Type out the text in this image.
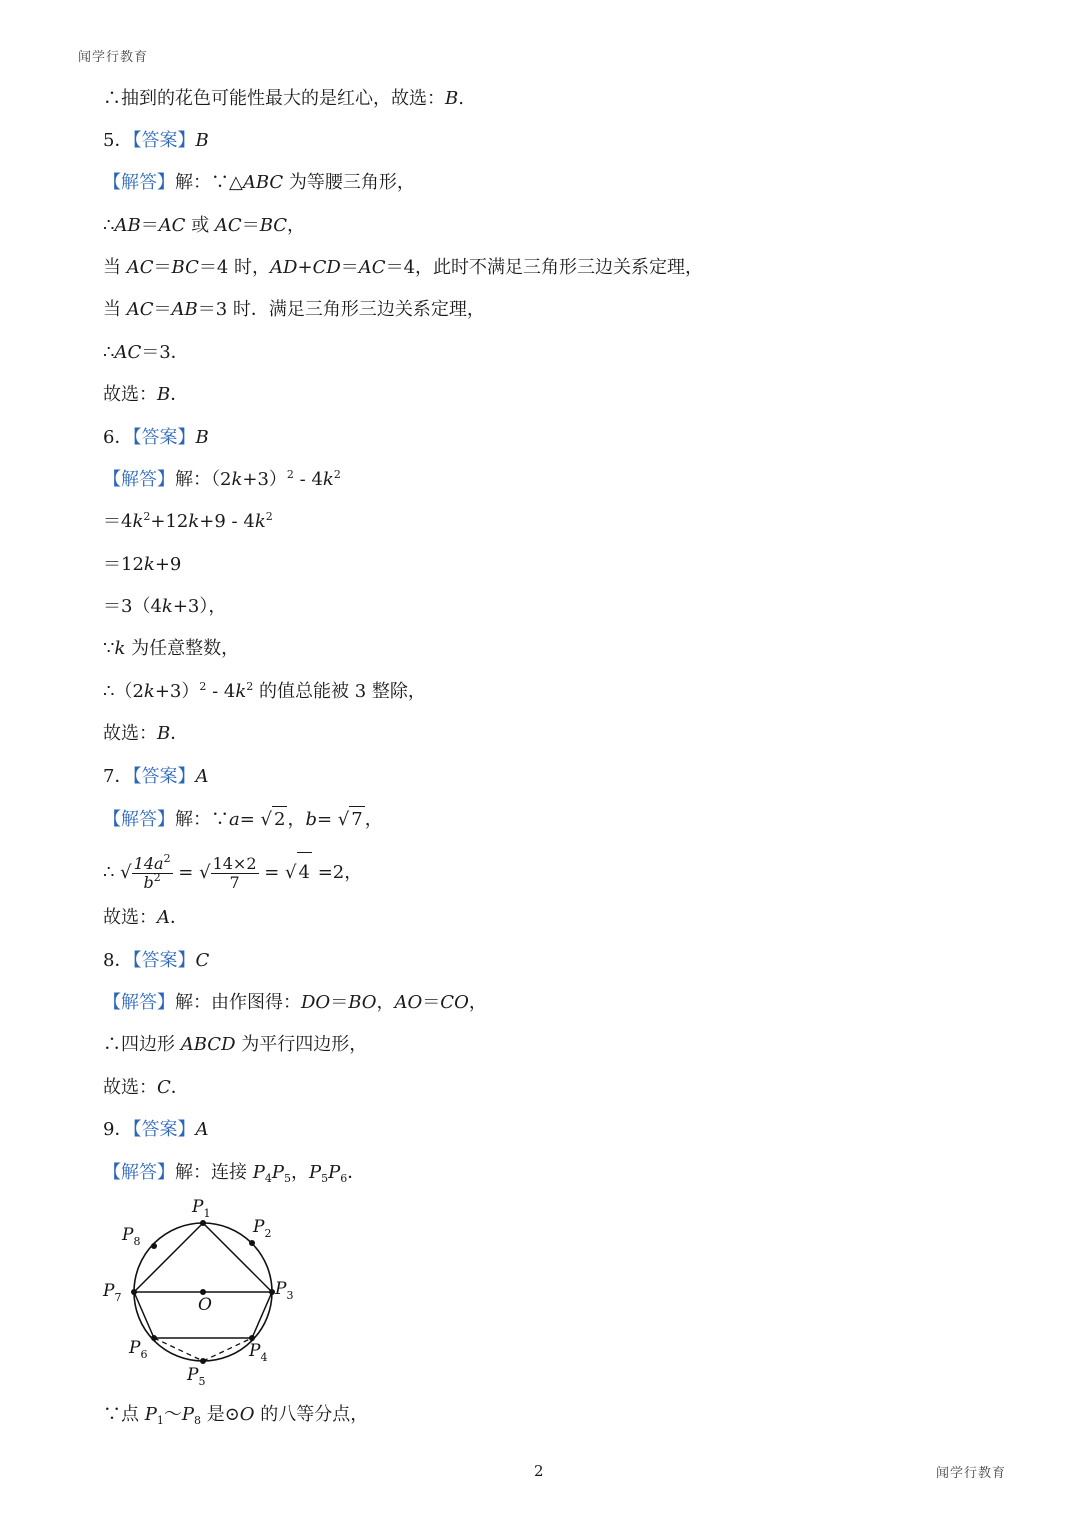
闻学行教育
∴抽到的花色可能性最大的是红心，故选：B.
5．【答案】B
【解答】解：∵△ABC 为等腰三角形，
∴AB＝AC 或 AC＝BC，
当 AC＝BC＝4 时，AD+CD＝AC＝4，此时不满足三角形三边关系定理，
当 AC＝AB＝3 时．满足三角形三边关系定理，
∴AC＝3．
故选：B．
6．【答案】B
【解答】解：$(2k+3)^2 - 4k^2$
$=4k^2+12k+9 - 4k^2$
＝12k+9
＝3（4k+3），
∵k 为任意整数，
$\therefore(2k+3)^2 - 4k^2$ 的值总能被 3 整除，
故选：B．
7．【答案】A
【解答】解：∵a= √ 2 ，b= √ 7 ，
∴ √ $\frac{14a^2}{b^2}$ = √ $\frac{14\times 2}{7}$ = √ 4 =2，
故选：A．
8．【答案】C
【解答】解：由作图得：DO＝BO，AO＝CO，
∴四边形 ABCD 为平行四边形，
故选：C．
9．【答案】A
【解答】解：连接 $P_4P_5$，$P_5P_6$．
$P_1$
$P_2$
$P_3$
$P_4$
$P_5$
$P_6$
$P_7$
$P_8$
O
∵点 $P_1\sim P_8$ 是⊙O 的八等分点，
2	闻学行教育
